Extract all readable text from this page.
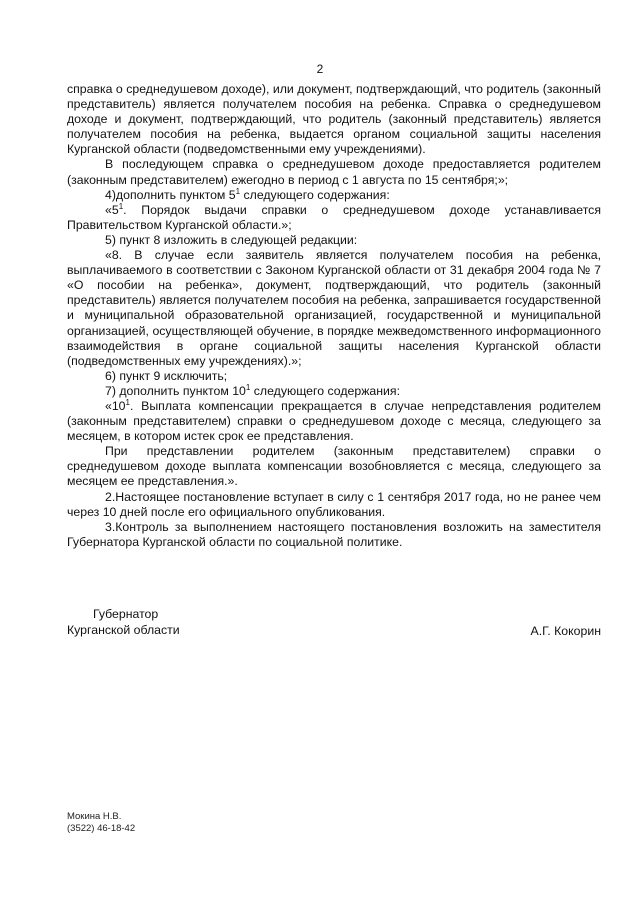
2

справка о среднедушевом доходе), или документ, подтверждающий, что родитель (законный представитель) является получателем пособия на ребенка. Справка о среднедушевом доходе и документ, подтверждающий, что родитель (законный представитель) является получателем пособия на ребенка, выдается органом социальной защиты населения Курганской области (подведомственными ему учреждениями).

В последующем справка о среднедушевом доходе предоставляется родителем (законным представителем) ежегодно в период с 1 августа по 15 сентября;»;

4)дополнить пунктом $5^1$ следующего содержания:

«$5^1$. Порядок выдачи справки о среднедушевом доходе устанавливается Правительством Курганской области.»;

5) пункт 8 изложить в следующей редакции:

«8. В случае если заявитель является получателем пособия на ребенка, выплачиваемого в соответствии с Законом Курганской области от 31 декабря 2004 года № 7 «О пособии на ребенка», документ, подтверждающий, что родитель (законный представитель) является получателем пособия на ребенка, запрашивается государственной и муниципальной образовательной организацией, государственной и муниципальной организацией, осуществляющей обучение, в порядке межведомственного информационного взаимодействия в органе социальной защиты населения Курганской области (подведомственных ему учреждениях).»;

6) пункт 9 исключить;

7) дополнить пунктом $10^1$ следующего содержания:

«$10^1$. Выплата компенсации прекращается в случае непредставления родителем (законным представителем) справки о среднедушевом доходе с месяца, следующего за месяцем, в котором истек срок ее представления.

При представлении родителем (законным представителем) справки о среднедушевом доходе выплата компенсации возобновляется с месяца, следующего за месяцем ее представления.».

2.Настоящее постановление вступает в силу с 1 сентября 2017 года, но не ранее чем через 10 дней после его официального опубликования.

3.Контроль за выполнением настоящего постановления возложить на заместителя Губернатора Курганской области по социальной политике.

Губернатор
Курганской области	А.Г. Кокорин

Мокина Н.В.

(3522) 46-18-42
